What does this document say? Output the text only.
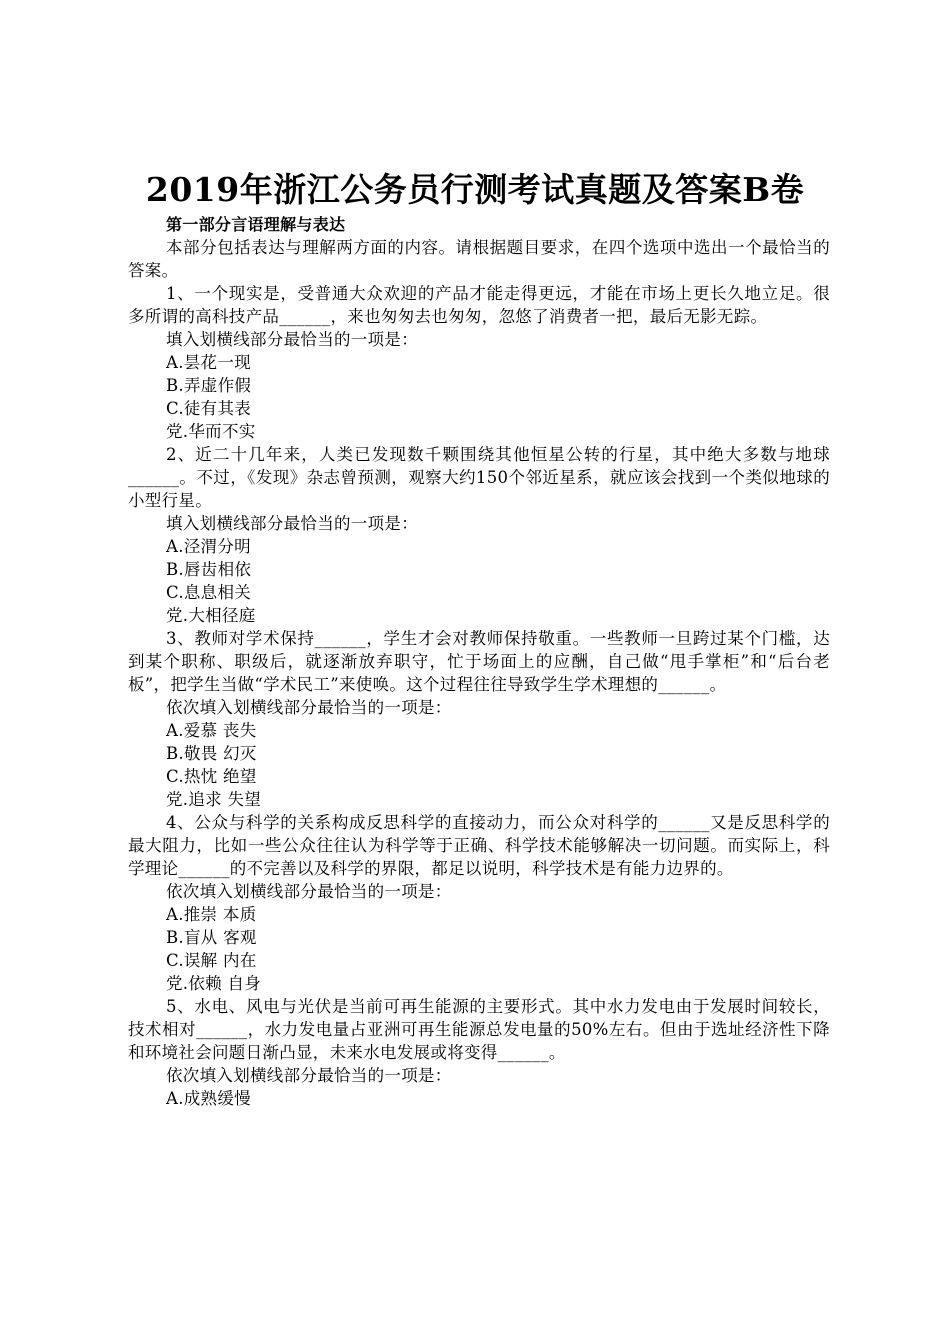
2019年浙江公务员行测考试真题及答案B卷

第一部分言语理解与表达

本部分包括表达与理解两方面的内容。请根据题目要求，在四个选项中选出一个最恰当的答案。

1、一个现实是，受普通大众欢迎的产品才能走得更远，才能在市场上更长久地立足。很多所谓的高科技产品______，来也匆匆去也匆匆，忽悠了消费者一把，最后无影无踪。

填入划横线部分最恰当的一项是：

A.昙花一现

B.弄虚作假

C.徒有其表

党.华而不实

2、近二十几年来，人类已发现数千颗围绕其他恒星公转的行星，其中绝大多数与地球______。不过，《发现》杂志曾预测，观察大约150个邻近星系，就应该会找到一个类似地球的小型行星。

填入划横线部分最恰当的一项是：

A.泾渭分明

B.唇齿相依

C.息息相关

党.大相径庭

3、教师对学术保持______，学生才会对教师保持敬重。一些教师一旦跨过某个门槛，达到某个职称、职级后，就逐渐放弃职守，忙于场面上的应酬，自己做“甩手掌柜”和“后台老板”，把学生当做“学术民工”来使唤。这个过程往往导致学生学术理想的______。

依次填入划横线部分最恰当的一项是：

A.爱慕 丧失

B.敬畏 幻灭

C.热忱 绝望

党.追求 失望

4、公众与科学的关系构成反思科学的直接动力，而公众对科学的______又是反思科学的最大阻力，比如一些公众往往认为科学等于正确、科学技术能够解决一切问题。而实际上，科学理论______的不完善以及科学的界限，都足以说明，科学技术是有能力边界的。

依次填入划横线部分最恰当的一项是：

A.推崇 本质

B.盲从 客观

C.误解 内在

党.依赖 自身

5、水电、风电与光伏是当前可再生能源的主要形式。其中水力发电由于发展时间较长，技术相对______，水力发电量占亚洲可再生能源总发电量的50%左右。但由于选址经济性下降和环境社会问题日渐凸显，未来水电发展或将变得______。

依次填入划横线部分最恰当的一项是：

A.成熟缓慢
